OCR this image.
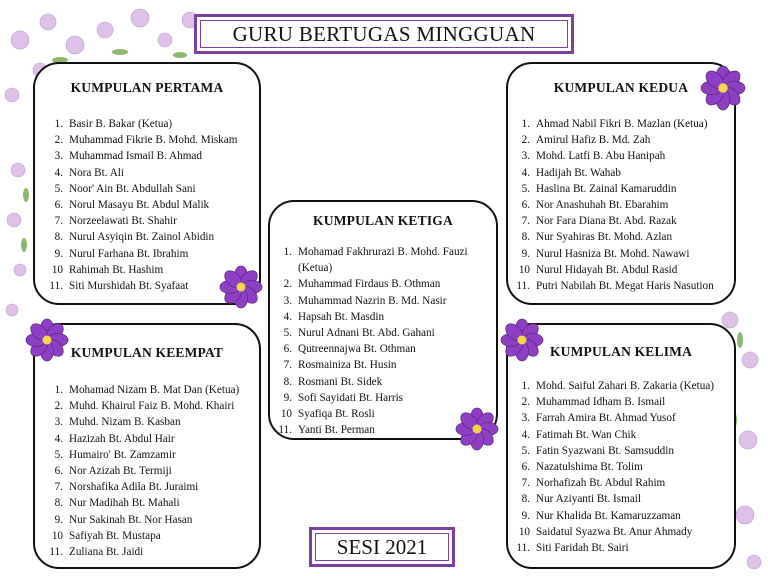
GURU BERTUGAS MINGGUAN
KUMPULAN PERTAMA
1. Basir B. Bakar (Ketua)
2. Muhammad Fikrie B. Mohd. Miskam
3. Muhammad Ismail B. Ahmad
4. Nora Bt. Ali
5. Noor' Ain Bt. Abdullah Sani
6. Norul Masayu Bt. Abdul Malik
7. Norzeelawati Bt. Shahir
8. Nurul Asyiqin Bt. Zainol Abidin
9. Nurul Farhana Bt. Ibrahim
10 Rahimah Bt. Hashim
11. Siti Murshidah Bt. Syafaat
KUMPULAN KEDUA
1. Ahmad Nabil Fikri B. Mazlan (Ketua)
2. Amirul Hafiz B. Md. Zah
3. Mohd. Latfi B. Abu Hanipah
4. Hadijah Bt. Wahab
5. Haslina Bt. Zainal Kamaruddin
6. Nor Anashuhah Bt. Ebarahim
7. Nor Fara Diana Bt. Abd. Razak
8. Nur Syahiras Bt. Mohd. Azlan
9. Nurul Hasniza Bt. Mohd. Nawawi
10 Nurul Hidayah Bt. Abdul Rasid
11. Putri Nabilah Bt. Megat Haris Nasution
KUMPULAN KETIGA
1. Mohamad Fakhrurazi B. Mohd. Fauzi (Ketua)
2. Muhammad Firdaus B. Othman
3. Muhammad Nazrin B. Md. Nasir
4. Hapsah Bt. Masdin
5. Nurul Adnani Bt. Abd. Gahani
6. Qutreennajwa Bt. Othman
7. Rosmainiza Bt. Husin
8. Rosmani Bt. Sidek
9. Sofi Sayidati Bt. Harris
10 Syafiqa Bt. Rosli
11. Yanti Bt. Perman
KUMPULAN KEEMPAT
1. Mohamad Nizam B. Mat Dan (Ketua)
2. Muhd. Khairul Faiz B. Mohd. Khairi
3. Muhd. Nizam B. Kasban
4. Hazizah Bt. Abdul Hair
5. Humairo' Bt. Zamzamir
6. Nor Azizah Bt. Termiji
7. Norshafika Adila Bt. Juraimi
8. Nur Madihah Bt. Mahali
9. Nur Sakinah Bt. Nor Hasan
10 Safiyah Bt. Mustapa
11. Zuliana Bt. Jaidi
KUMPULAN KELIMA
1. Mohd. Saiful Zahari B. Zakaria (Ketua)
2. Muhammad Idham B. Ismail
3. Farrah Amira Bt. Ahmad Yusof
4. Fatimah Bt. Wan Chik
5. Fatin Syazwani Bt. Samsuddin
6. Nazatulshima Bt. Tolim
7. Norhafizah Bt. Abdul Rahim
8. Nur Aziyanti Bt. Ismail
9. Nur Khalida Bt. Kamaruzzaman
10 Saidatul Syazwa Bt. Anur Ahmady
11. Siti Faridah Bt. Sairi
SESI 2021
